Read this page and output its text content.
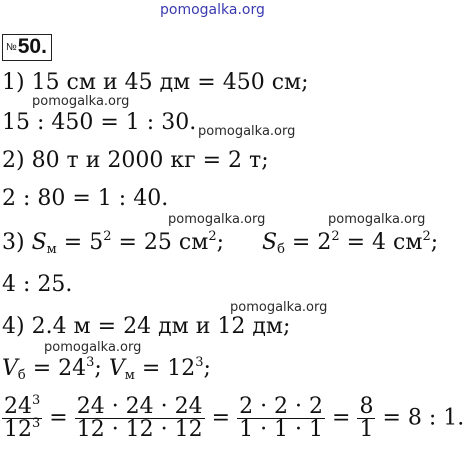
pomogalka.org
№50.
1) 15 см и 45 дм = 450 см;
pomogalka.org
15 : 450 = 1 : 30. pomogalka.org
2) 80 т и 2000 кг = 2 т;
2 : 80 = 1 : 40.
pomogalka.org	pomogalka.org
3) $S_м = 5^2 = 25$ $см^2$; $S_б = 2^2 = 4$ $см^2$;
4 : 25.
pomogalka.org
4) 2.4 м = 24 дм и 12 дм;
pomogalka.org
$V_б = 24^3$; $V_м = 12^3$;
$\frac{24^3}{12^3} = \frac{24 \cdot 24 \cdot 24}{12 \cdot 12 \cdot 12} = \frac{2 \cdot 2 \cdot 2}{1 \cdot 1 \cdot 1} = \frac{8}{1} = 8$ : 1.
